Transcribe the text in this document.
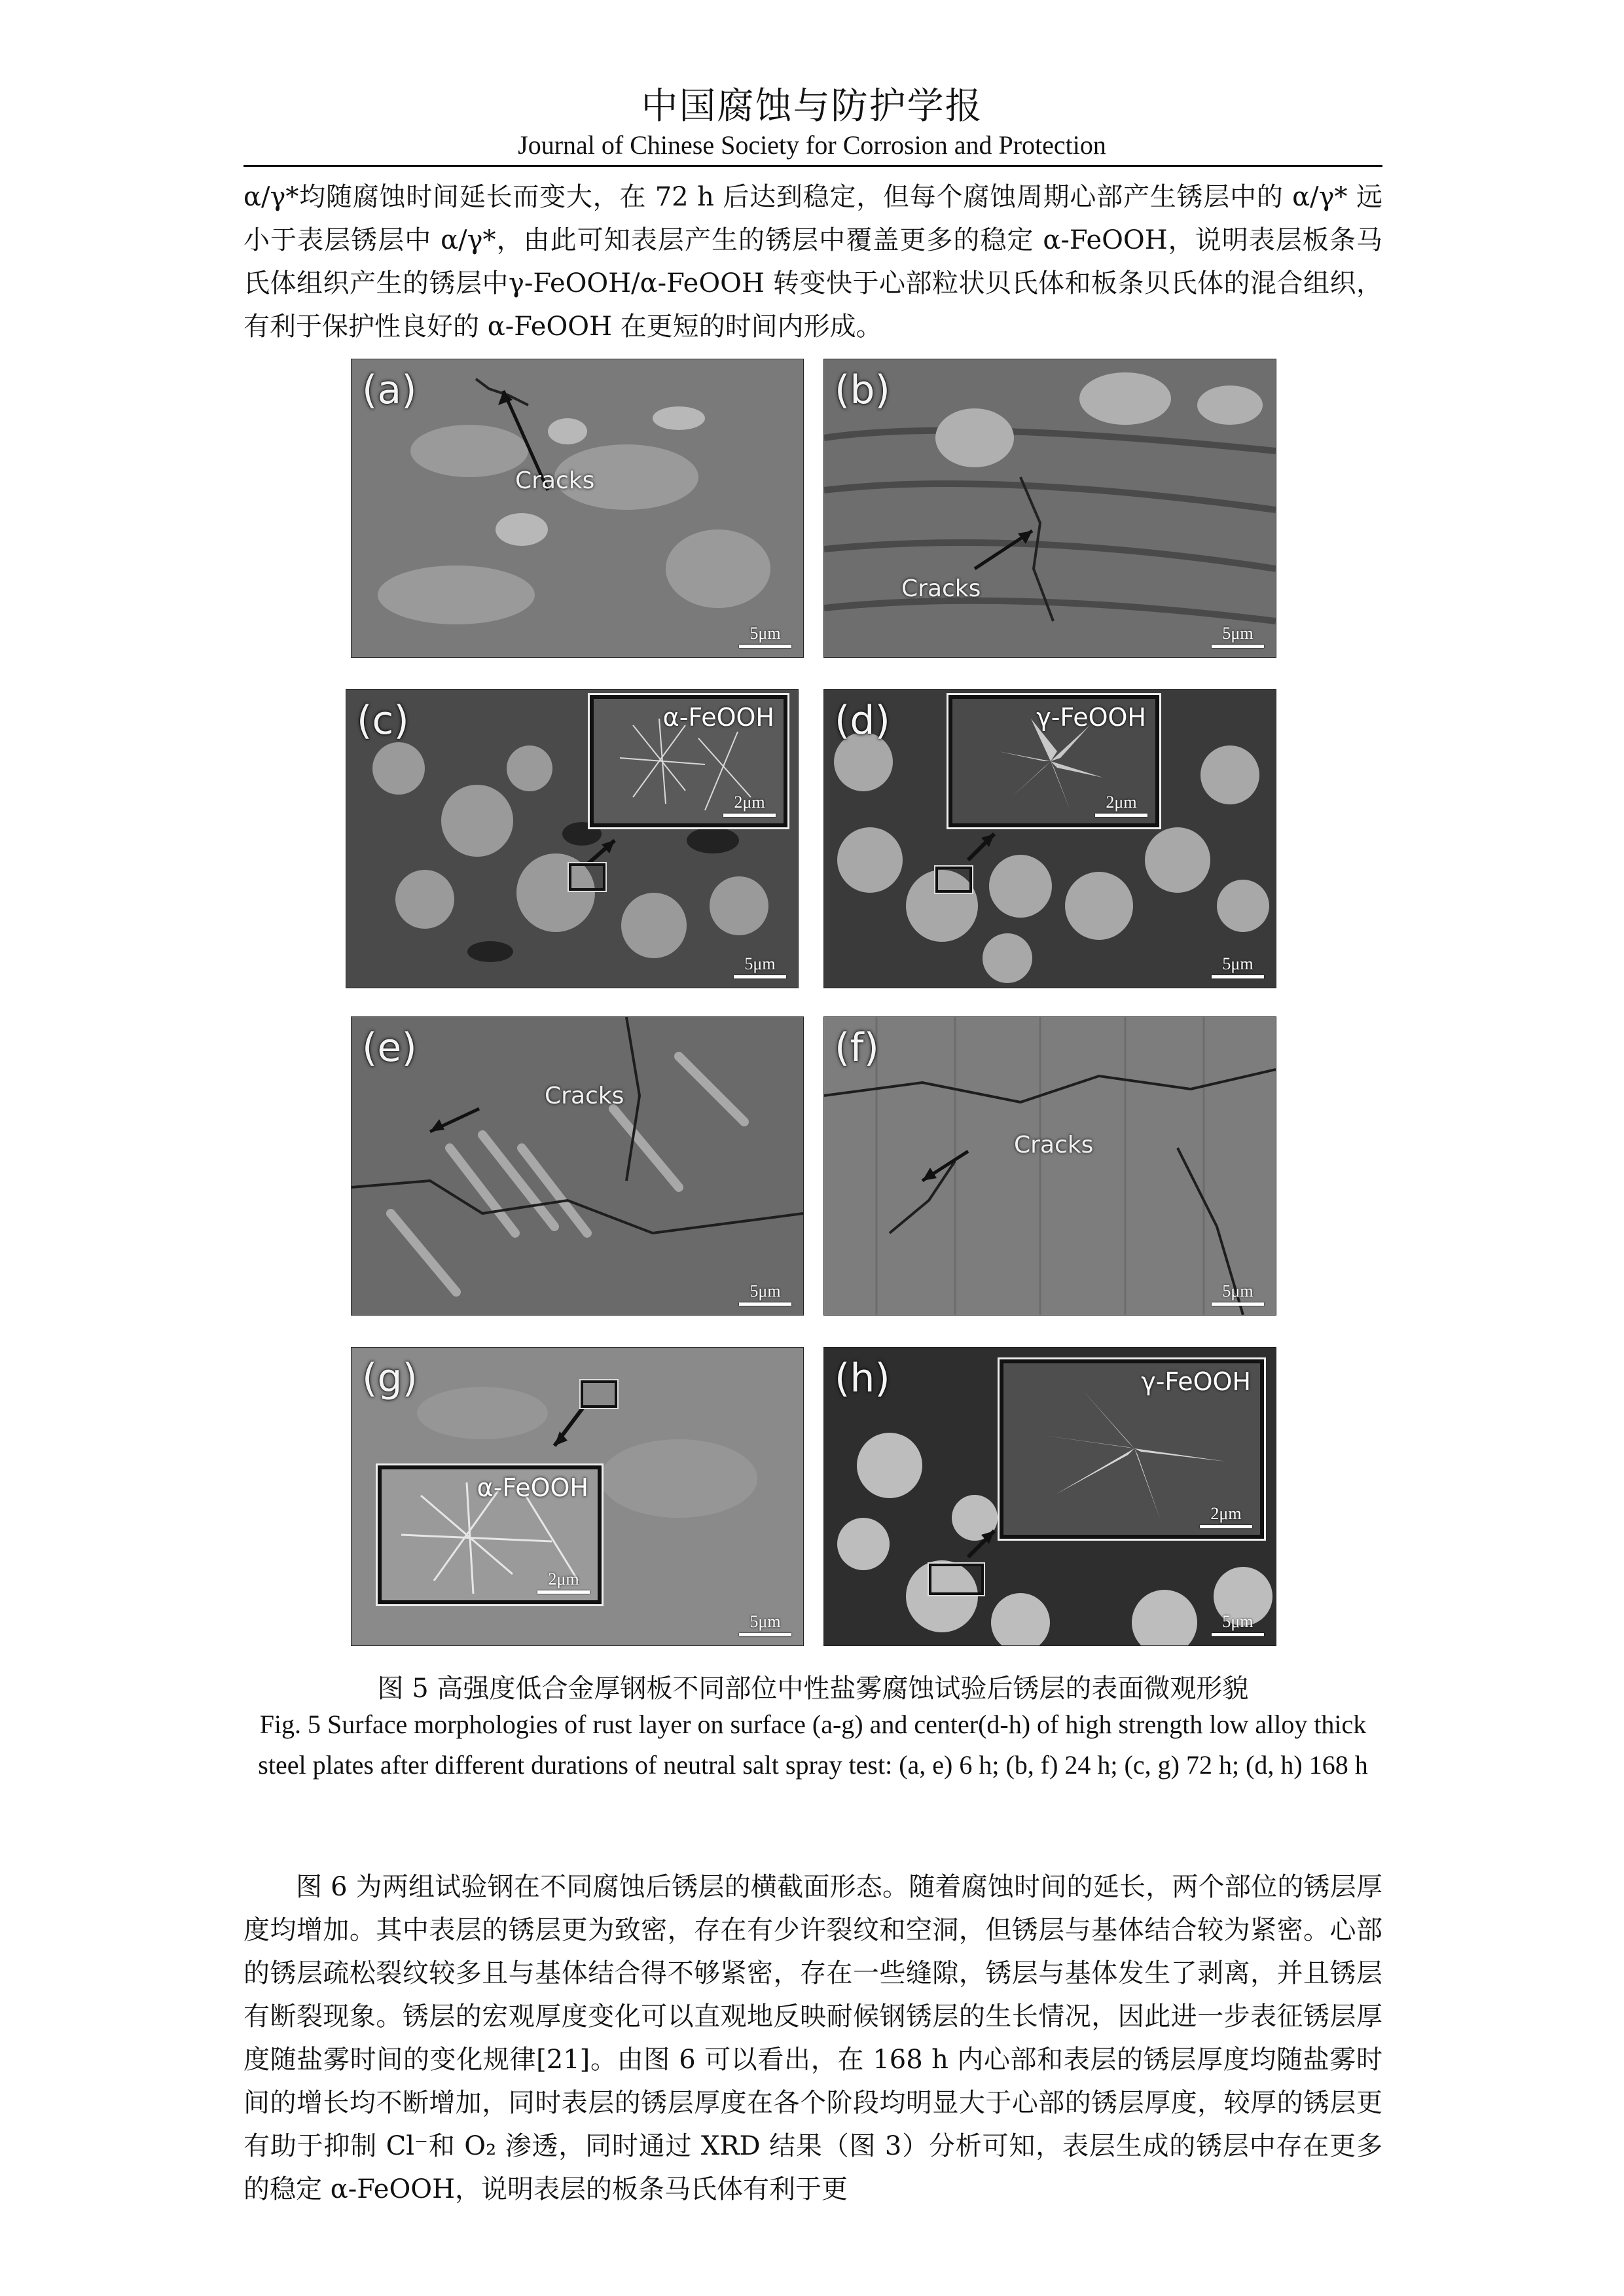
中国腐蚀与防护学报
Journal of Chinese Society for Corrosion and Protection

α/γ*均随腐蚀时间延长而变大，在 72 h 后达到稳定，但每个腐蚀周期心部产生锈层中的 α/γ* 远小于表层锈层中 α/γ*，由此可知表层产生的锈层中覆盖更多的稳定 α-FeOOH，说明表层板条马氏体组织产生的锈层中γ-FeOOH/α-FeOOH 转变快于心部粒状贝氏体和板条贝氏体的混合组织，有利于保护性良好的 α-FeOOH 在更短的时间内形成。

(a)
Cracks
5μm
(b)
Cracks
5μm
α-FeOOH
2μm
(c)
5μm
γ-FeOOH
2μm
(d)
5μm
(e)
Cracks
5μm
(f)
Cracks
5μm
α-FeOOH
2μm
(g)
5μm
γ-FeOOH
2μm
(h)
5μm
图 5 高强度低合金厚钢板不同部位中性盐雾腐蚀试验后锈层的表面微观形貌
Fig. 5 Surface morphologies of rust layer on surface (a-g) and center(d-h) of high strength low alloy thick steel plates after different durations of neutral salt spray test: (a, e) 6 h; (b, f) 24 h; (c, g) 72 h; (d, h) 168 h

图 6 为两组试验钢在不同腐蚀后锈层的横截面形态。随着腐蚀时间的延长，两个部位的锈层厚度均增加。其中表层的锈层更为致密，存在有少许裂纹和空洞，但锈层与基体结合较为紧密。心部的锈层疏松裂纹较多且与基体结合得不够紧密，存在一些缝隙，锈层与基体发生了剥离，并且锈层有断裂现象。锈层的宏观厚度变化可以直观地反映耐候钢锈层的生长情况，因此进一步表征锈层厚度随盐雾时间的变化规律[21]。由图 6 可以看出，在 168 h 内心部和表层的锈层厚度均随盐雾时间的增长均不断增加，同时表层的锈层厚度在各个阶段均明显大于心部的锈层厚度，较厚的锈层更有助于抑制 Cl⁻和 O₂ 渗透，同时通过 XRD 结果（图 3）分析可知，表层生成的锈层中存在更多的稳定 α-FeOOH，说明表层的板条马氏体有利于更
